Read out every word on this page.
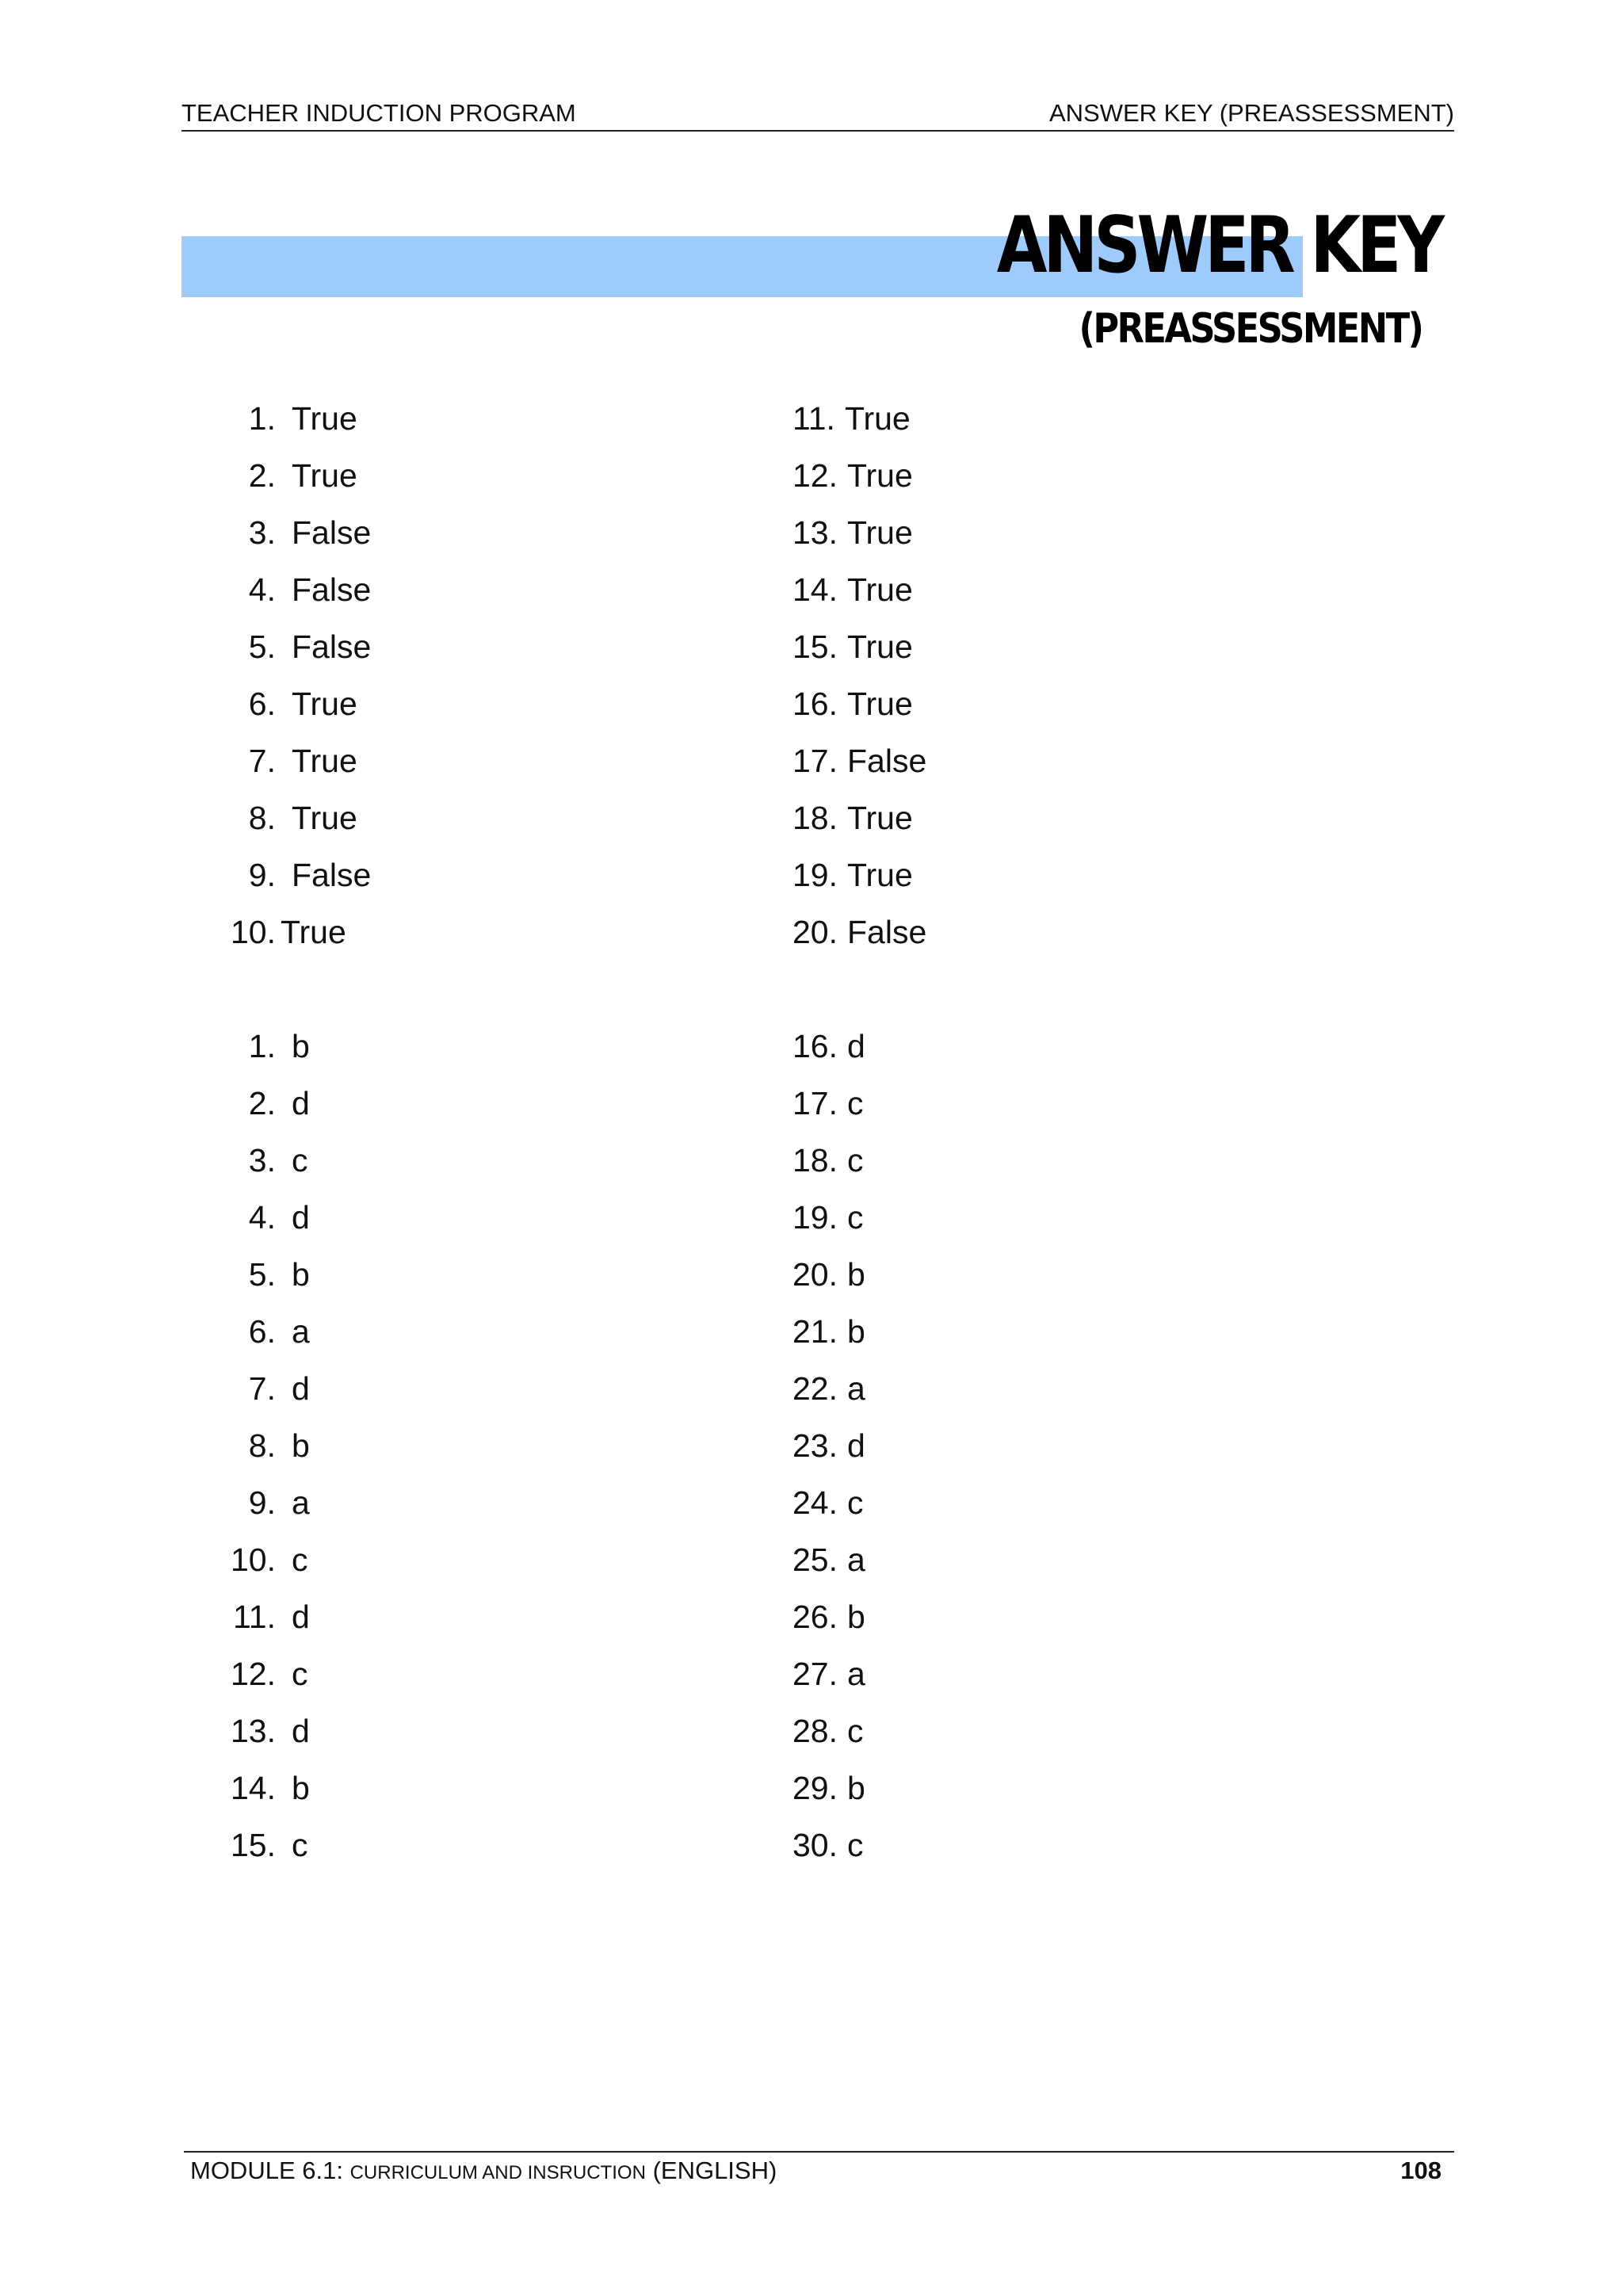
TEACHER INDUCTION PROGRAM	ANSWER KEY (PREASSESSMENT)
ANSWER KEY
(PREASSESSMENT)
1. True
2. True
3. False
4. False
5. False
6. True
7. True
8. True
9. False
10. True
11. True
12. True
13. True
14. True
15. True
16. True
17. False
18. True
19. True
20. False
1. b
2. d
3. c
4. d
5. b
6. a
7. d
8. b
9. a
10. c
11. d
12. c
13. d
14. b
15. c
16. d
17. c
18. c
19. c
20. b
21. b
22. a
23. d
24. c
25. a
26. b
27. a
28. c
29. b
30. c
MODULE 6.1: CURRICULUM AND INSRUCTION (ENGLISH)	108
